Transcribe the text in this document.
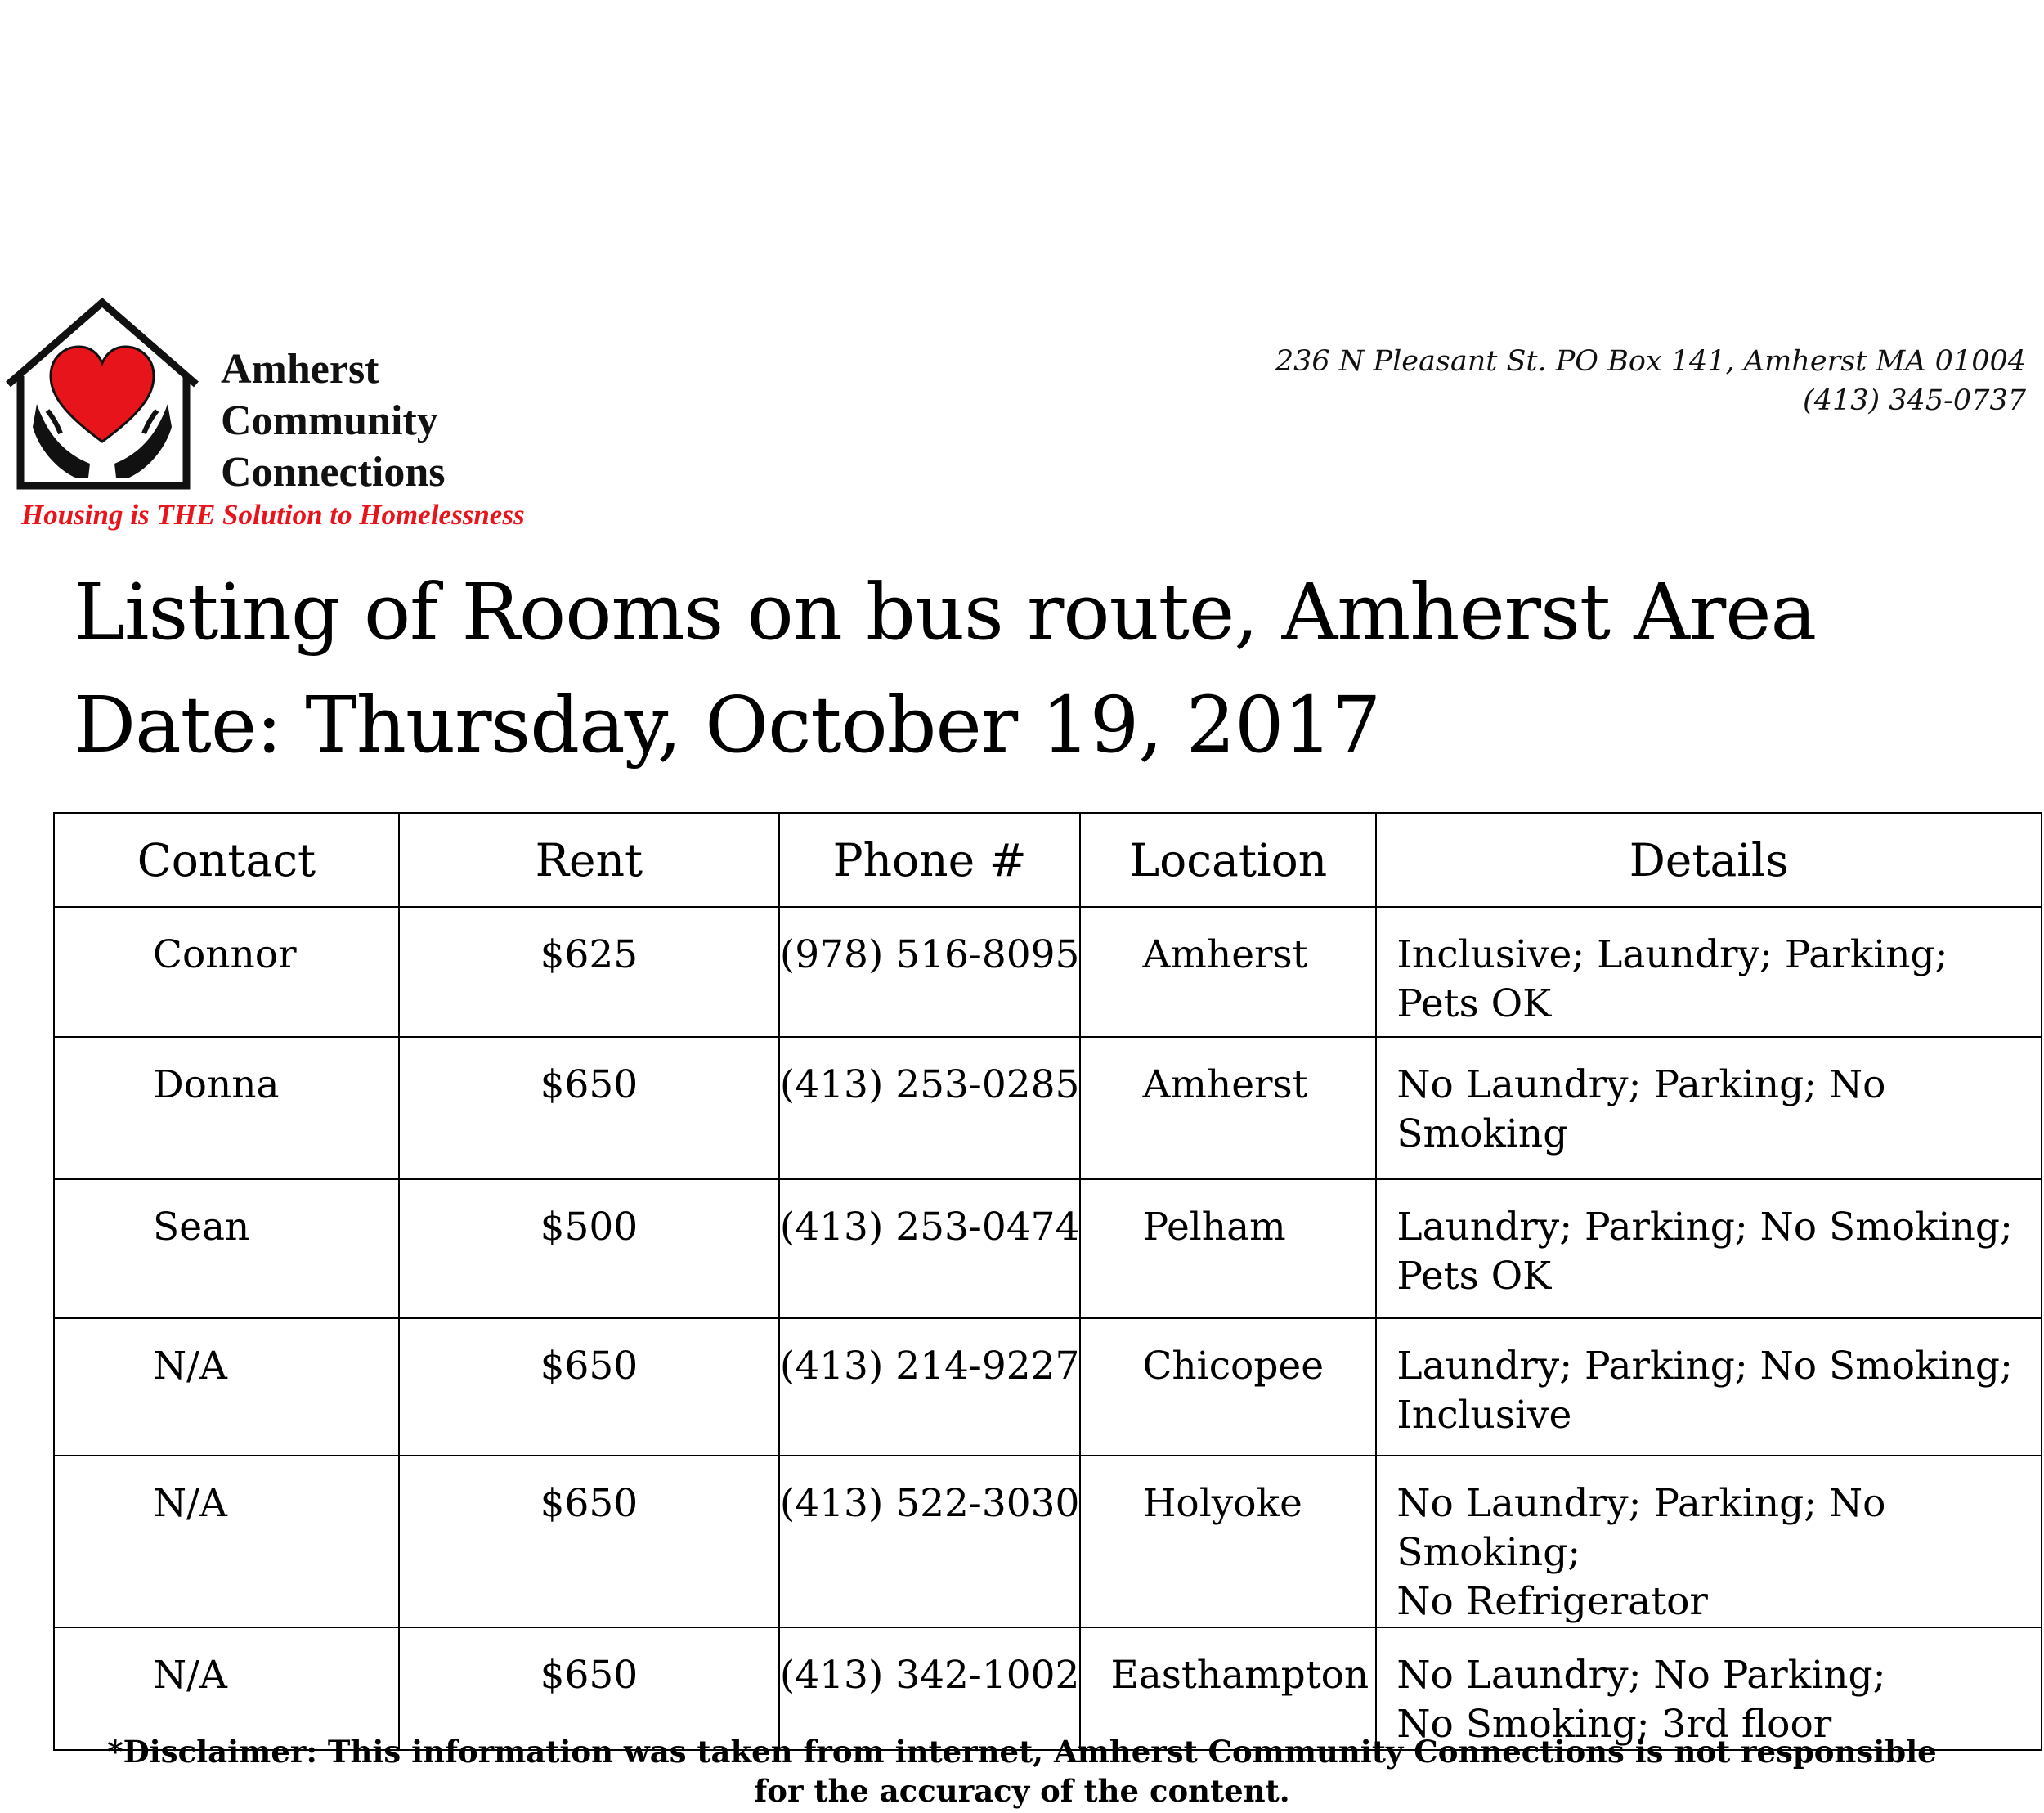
Amherst
Community
Connections
Housing is THE Solution to Homelessness
236 N Pleasant St. PO Box 141, Amherst MA 01004
(413) 345-0737
Listing of Rooms on bus route, Amherst Area
Date: Thursday, October 19, 2017
Contact	Rent	Phone #	Location	Details
Connor	$625	(978) 516-8095	Amherst	Inclusive; Laundry; Parking; Pets OK

Donna	$650	(413) 253-0285	Amherst	No Laundry; Parking; No Smoking

Sean	$500	(413) 253-0474	Pelham	Laundry; Parking; No Smoking;
Pets OK

N/A	$650	(413) 214-9227	Chicopee	Laundry; Parking; No Smoking;
Inclusive

N/A	$650	(413) 522-3030	Holyoke	No Laundry; Parking; No Smoking;
No Refrigerator

N/A	$650	(413) 342-1002	Easthampton	No Laundry; No Parking;
No Smoking; 3rd floor
*Disclaimer: This information was taken from internet, Amherst Community Connections is not responsible
for the accuracy of the content.
